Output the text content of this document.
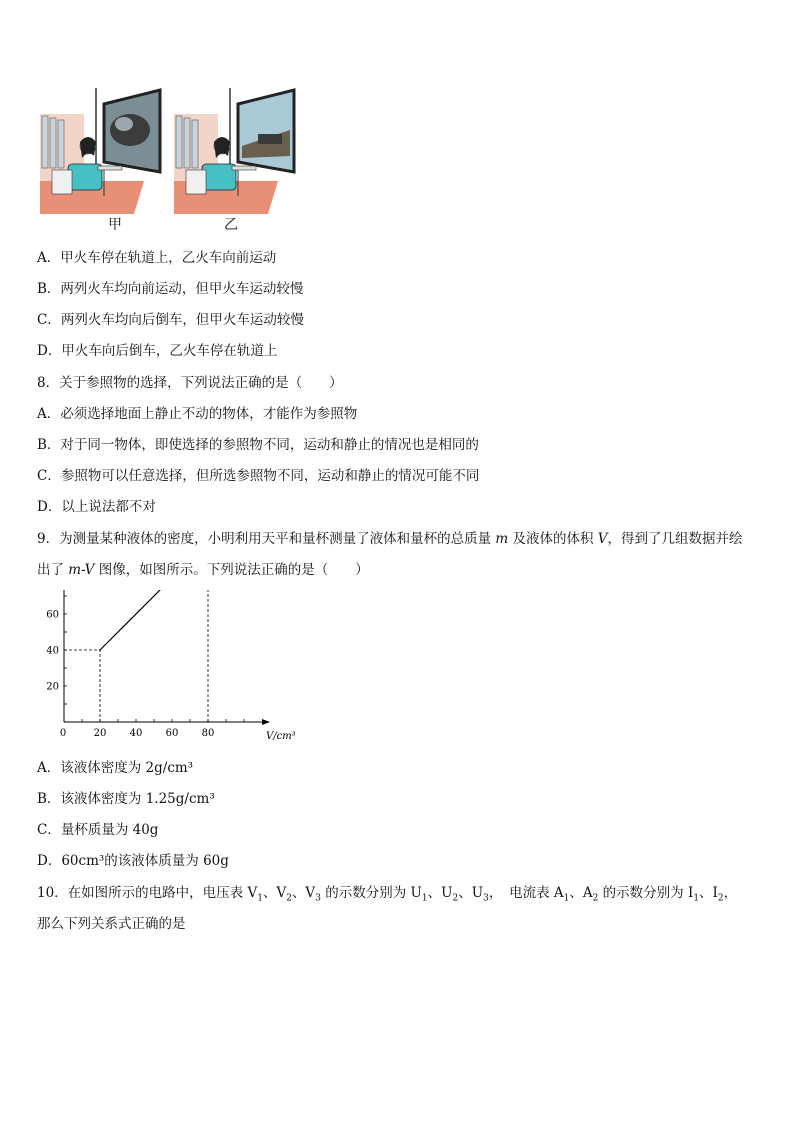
甲	乙
A．甲火车停在轨道上，乙火车向前运动
B．两列火车均向前运动，但甲火车运动较慢
C．两列火车均向后倒车，但甲火车运动较慢
D．甲火车向后倒车，乙火车停在轨道上
8．关于参照物的选择，下列说法正确的是（　　）
A．必须选择地面上静止不动的物体，才能作为参照物
B．对于同一物体，即使选择的参照物不同，运动和静止的情况也是相同的
C．参照物可以任意选择，但所选参照物不同，运动和静止的情况可能不同
D．以上说法都不对
9．为测量某种液体的密度，小明利用天平和量杯测量了液体和量杯的总质量 m 及液体的体积 V，得到了几组数据并绘
出了 m-V 图像，如图所示。下列说法正确的是（　　）
0	20 40 60 80
20
40
60
V/cm³
A．该液体密度为 2g/cm³
B．该液体密度为 1.25g/cm³
C．量杯质量为 40g
D．60cm³的该液体质量为 60g
10．在如图所示的电路中，电压表 $V_1$、$V_2$、$V_3$ 的示数分别为 $U_1$、$U_2$、$U_3$，　电流表 $A_1$、$A_2$ 的示数分别为 $I_1$、$I_2$，
那么下列关系式正确的是
